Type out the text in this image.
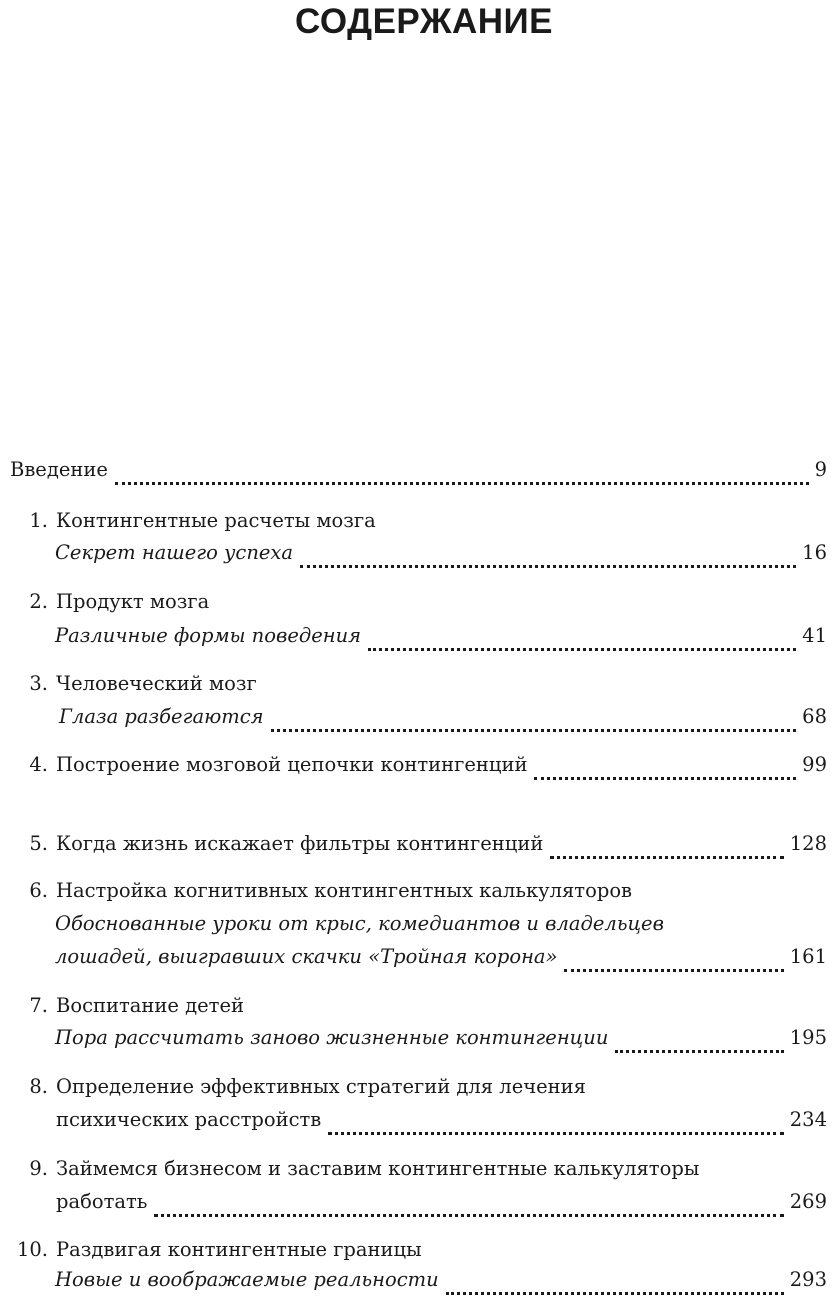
СОДЕРЖАНИЕ
Введение	9
1. Контингентные расчеты мозга
Секрет нашего успеха	16
2. Продукт мозга
Различные формы поведения	41
3. Человеческий мозг
Глаза разбегаются	68
4. Построение мозговой цепочки контингенций	99
5. Когда жизнь искажает фильтры контингенций	128
6. Настройка когнитивных контингентных калькуляторов
Обоснованные уроки от крыс, комедиантов и владельцев
лошадей, выигравших скачки «Тройная корона»	161
7. Воспитание детей
Пора рассчитать заново жизненные контингенции	195
8. Определение эффективных стратегий для лечения
психических расстройств	234
9. Займемся бизнесом и заставим контингентные калькуляторы
работать	269
10. Раздвигая контингентные границы
Новые и воображаемые реальности	293
